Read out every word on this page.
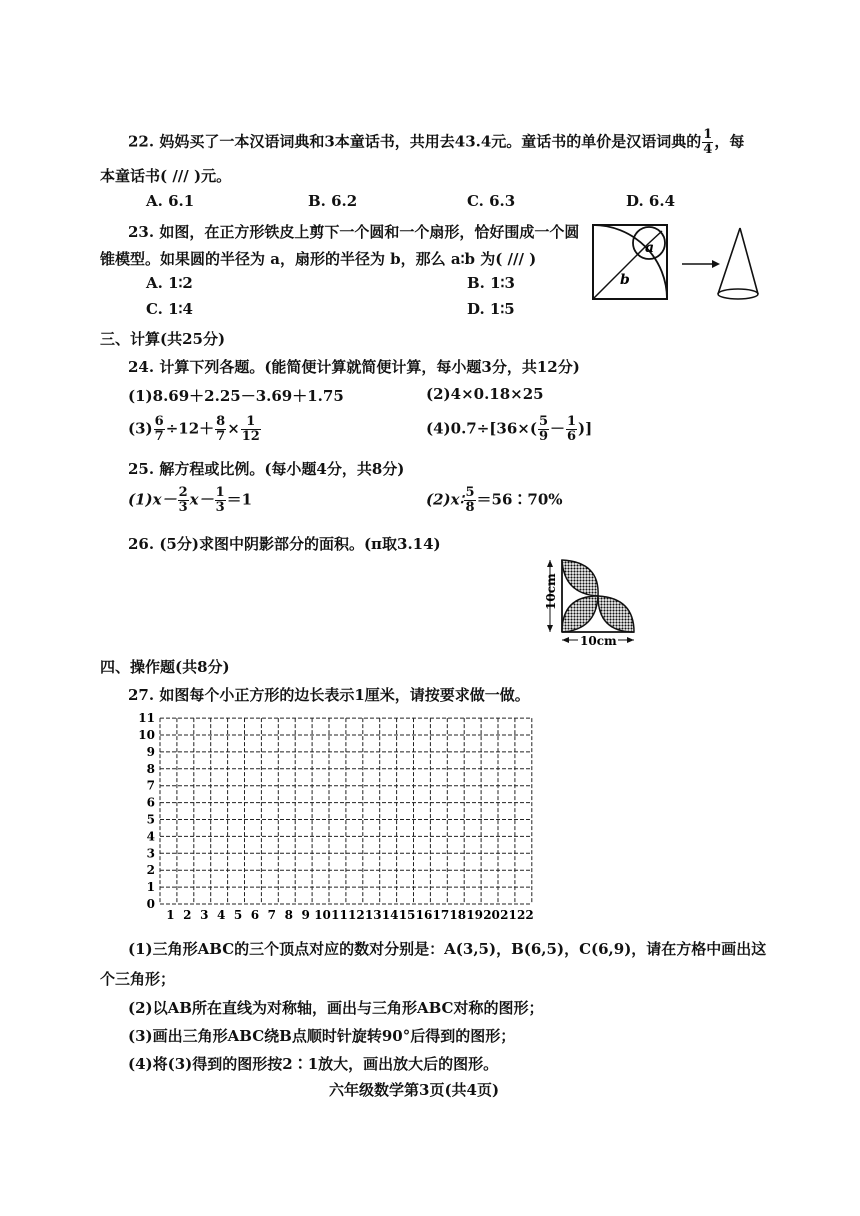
22. 妈妈买了一本汉语词典和3本童话书，共用去43.4元。童话书的单价是汉语词典的 $\frac{1}{4}$ ，每
本童话书( /// )元。
A. 6.1	B. 6.2	C. 6.3	D. 6.4
23. 如图，在正方形铁皮上剪下一个圆和一个扇形，恰好围成一个圆
锥模型。如果圆的半径为 a，扇形的半径为 b，那么 a∶b 为( /// )
A. 1∶2	B. 1∶3
C. 1∶4	D. 1∶5
a
b
三、计算(共25分)
24. 计算下列各题。(能简便计算就简便计算，每小题3分，共12分)
(1)8.69＋2.25－3.69＋1.75	(2)4×0.18×25
$(3) \frac{6}{7} \div 12+ \frac{8}{7} \times \frac{1}{12}$	$(4)0.7\div[36\times( \frac{5}{9} - \frac{1}{6}$ )]
25. 解方程或比例。(每小题4分，共8分)
$(1)x- \frac{2}{3} x- \frac{1}{3} =1$	(2)x∶ $\frac{5}{8}$ ＝56∶70%
26. (5分)求图中阴影部分的面积。(π取3.14)
10cm
10cm
四、操作题(共8分)
27. 如图每个小正方形的边长表示1厘米，请按要求做一做。
11
10
9
8
7
6
5
4
3
2
1
0
1 2 3 4 5 6 7 8 9 10 11 12 13 14 15 16 17 18 19 20 21 22
(1)三角形ABC的三个顶点对应的数对分别是：A(3,5)，B(6,5)，C(6,9)，请在方格中画出这
个三角形；
(2)以AB所在直线为对称轴，画出与三角形ABC对称的图形；
(3)画出三角形ABC绕B点顺时针旋转90°后得到的图形；
(4)将(3)得到的图形按2∶1放大，画出放大后的图形。
六年级数学第3页(共4页)
